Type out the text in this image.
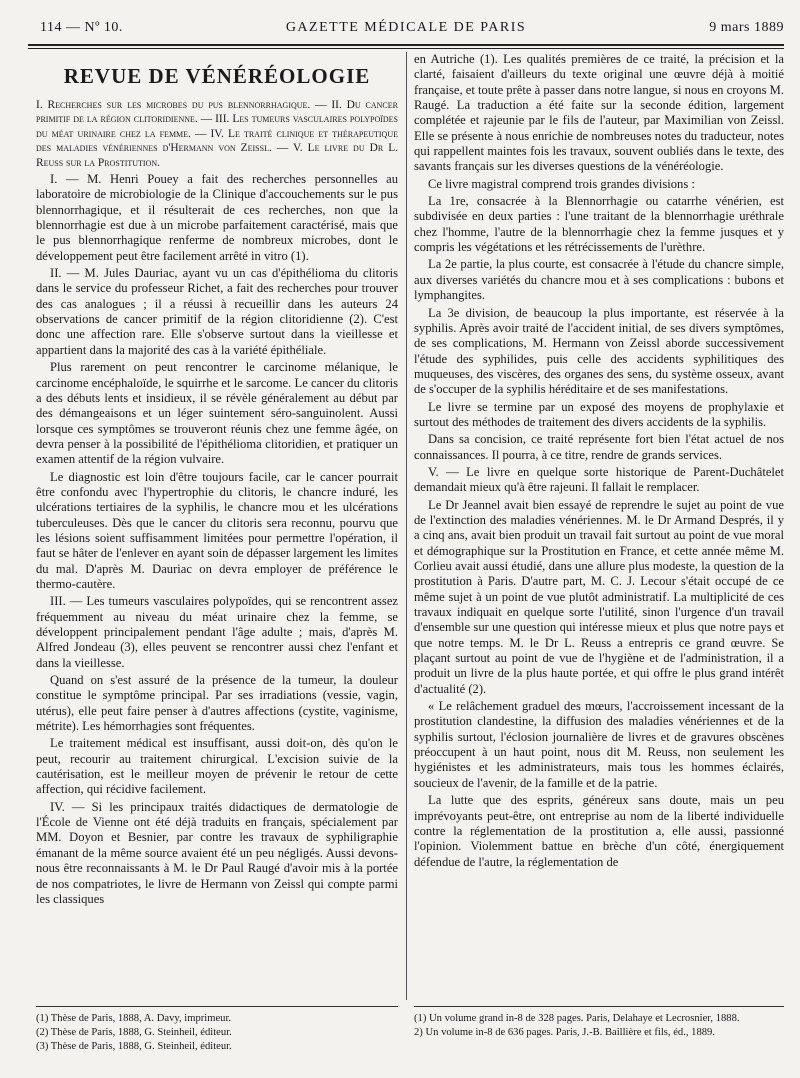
114 — Nº 10.	GAZETTE MÉDICALE DE PARIS	9 mars 1889
REVUE DE VÉNÉRÉOLOGIE

I. Recherches sur les microbes du pus blennorrhagique. — II. Du cancer primitif de la région clitoridienne. — III. Les tumeurs vasculaires polypoïdes du méat urinaire chez la femme. — IV. Le traité clinique et thérapeutique des maladies vénériennes d'Hermann von Zeissl. — V. Le livre du Dr L. Reuss sur la Prostitution.

I. — M. Henri Pouey a fait des recherches personnelles au laboratoire de microbiologie de la Clinique d'accouchements sur le pus blennorrhagique, et il résulterait de ces recherches, non que la blennorrhagie est due à un microbe parfaitement caractérisé, mais que le pus blennorrhagique renferme de nombreux microbes, dont le développement peut être facilement arrêté in vitro (1).

II. — M. Jules Dauriac, ayant vu un cas d'épithélioma du clitoris dans le service du professeur Richet, a fait des recherches pour trouver des cas analogues ; il a réussi à recueillir dans les auteurs 24 observations de cancer primitif de la région clitoridienne (2). C'est donc une affection rare. Elle s'observe surtout dans la vieillesse et appartient dans la majorité des cas à la variété épithéliale.

Plus rarement on peut rencontrer le carcinome mélanique, le carcinome encéphaloïde, le squirrhe et le sarcome. Le cancer du clitoris a des débuts lents et insidieux, il se révèle généralement au début par des démangeaisons et un léger suintement séro-sanguinolent. Aussi lorsque ces symptômes se trouveront réunis chez une femme âgée, on devra penser à la possibilité de l'épithélioma clitoridien, et pratiquer un examen attentif de la région vulvaire.

Le diagnostic est loin d'être toujours facile, car le cancer pourrait être confondu avec l'hypertrophie du clitoris, le chancre induré, les ulcérations tertiaires de la syphilis, le chancre mou et les ulcérations tuberculeuses. Dès que le cancer du clitoris sera reconnu, pourvu que les lésions soient suffisamment limitées pour permettre l'opération, il faut se hâter de l'enlever en ayant soin de dépasser largement les limites du mal. D'après M. Dauriac on devra employer de préférence le thermo-cautère.

III. — Les tumeurs vasculaires polypoïdes, qui se rencontrent assez fréquemment au niveau du méat urinaire chez la femme, se développent principalement pendant l'âge adulte ; mais, d'après M. Alfred Jondeau (3), elles peuvent se rencontrer aussi chez l'enfant et dans la vieillesse.

Quand on s'est assuré de la présence de la tumeur, la douleur constitue le symptôme principal. Par ses irradiations (vessie, vagin, utérus), elle peut faire penser à d'autres affections (cystite, vaginisme, métrite). Les hémorrhagies sont fréquentes.

Le traitement médical est insuffisant, aussi doit-on, dès qu'on le peut, recourir au traitement chirurgical. L'excision suivie de la cautérisation, est le meilleur moyen de prévenir le retour de cette affection, qui récidive facilement.

IV. — Si les principaux traités didactiques de dermatologie de l'École de Vienne ont été déjà traduits en français, spécialement par MM. Doyon et Besnier, par contre les travaux de syphiligraphie émanant de la même source avaient été un peu négligés. Aussi devons-nous être reconnaissants à M. le Dr Paul Raugé d'avoir mis à la portée de nos compatriotes, le livre de Hermann von Zeissl qui compte parmi les classiques

en Autriche (1). Les qualités premières de ce traité, la précision et la clarté, faisaient d'ailleurs du texte original une œuvre déjà à moitié française, et toute prête à passer dans notre langue, si nous en croyons M. Raugé. La traduction a été faite sur la seconde édition, largement complétée et rajeunie par le fils de l'auteur, par Maximilian von Zeissl. Elle se présente à nous enrichie de nombreuses notes du traducteur, notes qui rappellent maintes fois les travaux, souvent oubliés dans le texte, des savants français sur les diverses questions de la vénéréologie.

Ce livre magistral comprend trois grandes divisions :

La 1re, consacrée à la Blennorrhagie ou catarrhe vénérien, est subdivisée en deux parties : l'une traitant de la blennorrhagie uréthrale chez l'homme, l'autre de la blennorrhagie chez la femme jusques et y compris les végétations et les rétrécissements de l'urèthre.

La 2e partie, la plus courte, est consacrée à l'étude du chancre simple, aux diverses variétés du chancre mou et à ses complications : bubons et lymphangites.

La 3e division, de beaucoup la plus importante, est réservée à la syphilis. Après avoir traité de l'accident initial, de ses divers symptômes, de ses complications, M. Hermann von Zeissl aborde successivement l'étude des syphilides, puis celle des accidents syphilitiques des muqueuses, des viscères, des organes des sens, du système osseux, avant de s'occuper de la syphilis héréditaire et de ses manifestations.

Le livre se termine par un exposé des moyens de prophylaxie et surtout des méthodes de traitement des divers accidents de la syphilis.

Dans sa concision, ce traité représente fort bien l'état actuel de nos connaissances. Il pourra, à ce titre, rendre de grands services.

V. — Le livre en quelque sorte historique de Parent-Duchâtelet demandait mieux qu'à être rajeuni. Il fallait le remplacer.

Le Dr Jeannel avait bien essayé de reprendre le sujet au point de vue de l'extinction des maladies vénériennes. M. le Dr Armand Després, il y a cinq ans, avait bien produit un travail fait surtout au point de vue moral et démographique sur la Prostitution en France, et cette année même M. Corlieu avait aussi étudié, dans une allure plus modeste, la question de la prostitution à Paris. D'autre part, M. C. J. Lecour s'était occupé de ce même sujet à un point de vue plutôt administratif. La multiplicité de ces travaux indiquait en quelque sorte l'utilité, sinon l'urgence d'un travail d'ensemble sur une question qui intéresse mieux et plus que notre pays et que notre temps. M. le Dr L. Reuss a entrepris ce grand œuvre. Se plaçant surtout au point de vue de l'hygiène et de l'administration, il a produit un livre de la plus haute portée, et qui offre le plus grand intérêt d'actualité (2).

« Le relâchement graduel des mœurs, l'accroissement incessant de la prostitution clandestine, la diffusion des maladies vénériennes et de la syphilis surtout, l'éclosion journalière de livres et de gravures obscènes préoccupent à un haut point, nous dit M. Reuss, non seulement les hygiénistes et les administrateurs, mais tous les hommes éclairés, soucieux de l'avenir, de la famille et de la patrie.

La lutte que des esprits, généreux sans doute, mais un peu imprévoyants peut-être, ont entreprise au nom de la liberté individuelle contre la réglementation de la prostitution a, elle aussi, passionné l'opinion. Violemment battue en brèche d'un côté, énergiquement défendue de l'autre, la réglementation de

(1) Thèse de Paris, 1888, A. Davy, imprimeur.
(2) Thèse de Paris, 1888, G. Steinheil, éditeur.
(3) Thèse de Paris, 1888, G. Steinheil, éditeur.
(1) Un volume grand in-8 de 328 pages. Paris, Delahaye et Lecrosnier, 1888.
2) Un volume in-8 de 636 pages. Paris, J.-B. Baillière et fils, éd., 1889.
